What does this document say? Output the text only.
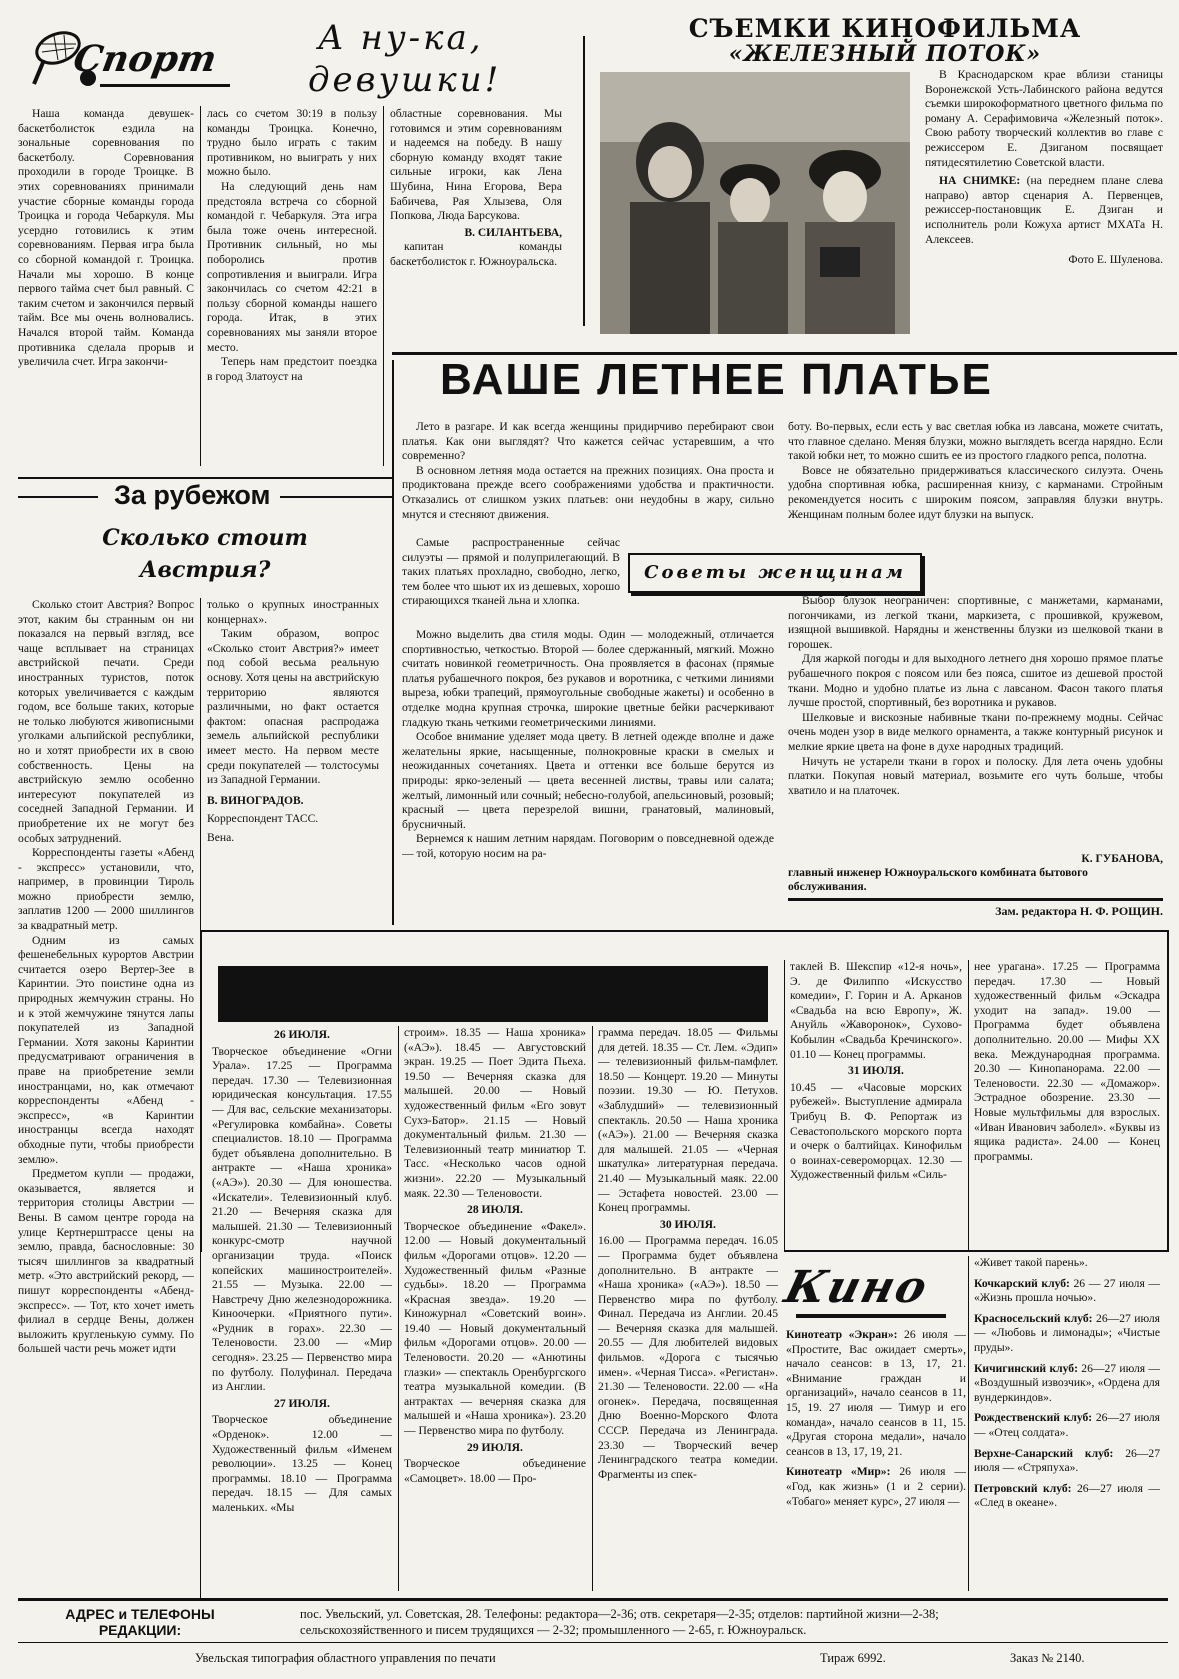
Спорт	А ну-ка,
девушки!

Наша команда девушек-баскетболисток ездила на зональные соревнования по баскетболу. Соревнования проходили в городе Троицке. В этих соревнованиях принимали участие сборные команды города Троицка и города Чебаркуля. Мы усердно готовились к этим соревнованиям. Первая игра была со сборной командой г. Троицка. Начали мы хорошо. В конце первого тайма счет был равный. С таким счетом и закончился первый тайм. Все мы очень волновались. Начался второй тайм. Команда противника сделала прорыв и увеличила счет. Игра закончи-

лась со счетом 30:19 в пользу команды Троицка. Конечно, трудно было играть с таким противником, но выиграть у них можно было.

На следующий день нам предстояла встреча со сборной командой г. Чебаркуля. Эта игра была тоже очень интересной. Противник сильный, но мы поборолись против сопротивления и выиграли. Игра закончилась со счетом 42:21 в пользу сборной команды нашего города. Итак, в этих соревнованиях мы заняли второе место.

Теперь нам предстоит поездка в город Златоуст на

областные соревнования. Мы готовимся и этим соревнованиям и надеемся на победу. В нашу сборную команду входят такие сильные игроки, как Лена Шубина, Нина Егорова, Вера Бабичева, Рая Хлызева, Оля Попкова, Люда Барсукова.

В. СИЛАНТЬЕВА,

капитан команды баскетболисток г. Южноуральска.

СЪЕМКИ КИНОФИЛЬМА
«ЖЕЛЕЗНЫЙ ПОТОК»

В Краснодарском крае вблизи станицы Воронежской Усть-Лабинского района ведутся съемки широкоформатного цветного фильма по роману А. Серафимовича «Железный поток». Свою работу творческий коллектив во главе с режиссером Е. Дзиганом посвящает пятидесятилетию Советской власти.

НА СНИМКЕ: (на переднем плане слева направо) автор сценария А. Первенцев, режиссер-постановщик Е. Дзиган и исполнитель роли Кожуха артист МХАТа Н. Алексеев.

Фото Е. Шуленова.
ВАШЕ ЛЕТНЕЕ ПЛАТЬЕ
За рубежом
Сколько стоит
Австрия?

Сколько стоит Австрия? Вопрос этот, каким бы странным он ни показался на первый взгляд, все чаще всплывает на страницах австрийской печати. Среди иностранных туристов, поток которых увеличивается с каждым годом, все больше таких, которые не только любуются живописными уголками альпийской республики, но и хотят приобрести их в свою собственность. Цены на австрийскую землю особенно интересуют покупателей из соседней Западной Германии. И приобретение их не могут без особых затруднений.

Корреспонденты газеты «Абенд - экспресс» установили, что, например, в провинции Тироль можно приобрести землю, заплатив 1200 — 2000 шиллингов за квадратный метр.

Одним из самых фешенебельных курортов Австрии считается озеро Вертер-Зее в Каринтии. Это поистине одна из природных жемчужин страны. Но и к этой жемчужине тянутся лапы покупателей из Западной Германии. Хотя законы Каринтии предусматривают ограничения в праве на приобретение земли иностранцами, но, как отмечают корреспонденты «Абенд - экспресс», «в Каринтии иностранцы всегда находят обходные пути, чтобы приобрести землю».

Предметом купли — продажи, оказывается, является и территория столицы Австрии — Вены. В самом центре города на улице Кертнерштрассе цены на землю, правда, баснословные: 30 тысяч шиллингов за квадратный метр. «Это австрийский рекорд, — пишут корреспонденты «Абенд-экспресс». — Тот, кто хочет иметь филиал в сердце Вены, должен выложить кругленькую сумму. По большей части речь может идти

только о крупных иностранных концернах».

Таким образом, вопрос «Сколько стоит Австрия?» имеет под собой весьма реальную основу. Хотя цены на австрийскую территорию являются различными, но факт остается фактом: опасная распродажа земель альпийской республики имеет место. На первом месте среди покупателей — толстосумы из Западной Германии.

В. ВИНОГРАДОВ.
Корреспондент ТАСС.
Вена.

Лето в разгаре. И как всегда женщины придирчиво перебирают свои платья. Как они выглядят? Что кажется сейчас устаревшим, а что современно?

В основном летняя мода остается на прежних позициях. Она проста и продиктована прежде всего соображениями удобства и практичности. Отказались от слишком узких платьев: они неудобны в жару, сильно мнутся и стесняют движения.

Самые распространенные сейчас силуэты — прямой и полуприлегающий. В таких платьях прохладно, свободно, легко, тем более что шьют их из дешевых, хорошо стирающихся тканей льна и хлопка.

Советы женщинам

Можно выделить два стиля моды. Один — молодежный, отличается спортивностью, четкостью. Второй — более сдержанный, мягкий. Можно считать новинкой геометричность. Она проявляется в фасонах (прямые платья рубашечного покроя, без рукавов и воротника, с четкими линиями выреза, юбки трапеций, прямоугольные свободные жакеты) и особенно в отделке модна крупная строчка, широкие цветные бейки расчеркивают гладкую ткань четкими геометрическими линиями.

Особое внимание уделяет мода цвету. В летней одежде вполне и даже желательны яркие, насыщенные, полнокровные краски в смелых и неожиданных сочетаниях. Цвета и оттенки все больше берутся из природы: ярко-зеленый — цвета весенней листвы, травы или салата; желтый, лимонный или сочный; небесно-голубой, апельсиновый, розовый; красный — цвета перезрелой вишни, гранатовый, малиновый, брусничный.

Вернемся к нашим летним нарядам. Поговорим о повседневной одежде — той, которую носим на ра-

боту. Во-первых, если есть у вас светлая юбка из лавсана, можете считать, что главное сделано. Меняя блузки, можно выглядеть всегда нарядно. Если такой юбки нет, то можно сшить ее из простого гладкого репса, полотна.

Вовсе не обязательно придерживаться классического силуэта. Очень удобна спортивная юбка, расширенная книзу, с карманами. Стройным рекомендуется носить с широким поясом, заправляя блузки внутрь. Женщинам полным более идут блузки на выпуск.

Выбор блузок неограничен: спортивные, с манжетами, карманами, погончиками, из легкой ткани, маркизета, с прошивкой, кружевом, изящной вышивкой. Нарядны и женственны блузки из шелковой ткани в горошек.

Для жаркой погоды и для выходного летнего дня хорошо прямое платье рубашечного покроя с поясом или без пояса, сшитое из дешевой простой ткани. Модно и удобно платье из льна с лавсаном. Фасон такого платья лучше простой, спортивный, без воротника и рукавов.

Шелковые и вискозные набивные ткани по-прежнему модны. Сейчас очень моден узор в виде мелкого орнамента, а также контурный рисунок и мелкие яркие цвета на фоне в духе народных традиций.

Ничуть не устарели ткани в горох и полоску. Для лета очень удобны платки. Покупая новый материал, возьмите его чуть больше, чтобы хватило и на платочек.

К. ГУБАНОВА,
главный инженер Южноуральского комбината бытового обслуживания.
Зам. редактора Н. Ф. РОЩИН.
26 ИЮЛЯ.

Творческое объединение «Огни Урала». 17.25 — Программа передач. 17.30 — Телевизионная юридическая консультация. 17.55 — Для вас, сельские механизаторы. «Регулировка комбайна». Советы специалистов. 18.10 — Программа будет объявлена дополнительно. В антракте — «Наша хроника» («АЭ»). 20.30 — Для юношества. «Искатели». Телевизионный клуб. 21.20 — Вечерняя сказка для малышей. 21.30 — Телевизионный конкурс-смотр научной организации труда. «Поиск копейских машиностроителей». 21.55 — Музыка. 22.00 — Навстречу Дню железнодорожника. Киноочерки. «Приятного пути». «Рудник в горах». 22.30 — Теленовости. 23.00 — «Мир сегодня». 23.25 — Первенство мира по футболу. Полуфинал. Передача из Англии.

27 ИЮЛЯ.

Творческое объединение «Орденок». 12.00 — Художественный фильм «Именем революции». 13.25 — Конец программы. 18.10 — Программа передач. 18.15 — Для самых маленьких. «Мы

строим». 18.35 — Наша хроника» («АЭ»). 18.45 — Августовский экран. 19.25 — Поет Эдита Пьеха. 19.50 — Вечерняя сказка для малышей. 20.00 — Новый художественный фильм «Его зовут Сухэ-Батор». 21.15 — Новый документальный фильм. 21.30 — Телевизионный театр миниатюр Т. Тасс. «Несколько часов одной жизни». 22.20 — Музыкальный маяк. 22.30 — Теленовости.

28 ИЮЛЯ.

Творческое объединение «Факел». 12.00 — Новый документальный фильм «Дорогами отцов». 12.20 — Художественный фильм «Разные судьбы». 18.20 — Программа «Красная звезда». 19.20 — Киножурнал «Советский воин». 19.40 — Новый документальный фильм «Дорогами отцов». 20.00 — Теленовости. 20.20 — «Анютины глазки» — спектакль Оренбургского театра музыкальной комедии. (В антрактах — вечерняя сказка для малышей и «Наша хроника»). 23.20 — Первенство мира по футболу.

29 ИЮЛЯ.

Творческое объединение «Самоцвет». 18.00 — Про-

грамма передач. 18.05 — Фильмы для детей. 18.35 — Ст. Лем. «Эдип» — телевизионный фильм-памфлет. 18.50 — Концерт. 19.20 — Минуты поэзии. 19.30 — Ю. Петухов. «Заблудший» — телевизионный спектакль. 20.50 — Наша хроника («АЭ»). 21.00 — Вечерняя сказка для малышей. 21.05 — «Черная шкатулка» литературная передача. 21.40 — Музыкальный маяк. 22.00 — Эстафета новостей. 23.00 — Конец программы.

30 ИЮЛЯ.

16.00 — Программа передач. 16.05 — Программа будет объявлена дополнительно. В антракте — «Наша хроника» («АЭ»). 18.50 — Первенство мира по футболу. Финал. Передача из Англии. 20.45 — Вечерняя сказка для малышей. 20.55 — Для любителей видовых фильмов. «Дорога с тысячью имен». «Черная Тисса». «Регистан». 21.30 — Теленовости. 22.00 — «На огонек». Передача, посвященная Дню Военно-Морского Флота СССР. Передача из Ленинграда. 23.30 — Творческий вечер Ленинградского театра комедии. Фрагменты из спек-

таклей В. Шекспир «12-я ночь», Э. де Филиппо «Искусство комедии», Г. Горин и А. Арканов «Свадьба на всю Европу», Ж. Ануйль «Жаворонок», Сухово-Кобылин «Свадьба Кречинского». 01.10 — Конец программы.

31 ИЮЛЯ.

10.45 — «Часовые морских рубежей». Выступление адмирала Трибуц В. Ф. Репортаж из Севастопольского морского порта и очерк о балтийцах. Кинофильм о воинах-североморцах. 12.30 — Художественный фильм «Силь-

нее урагана». 17.25 — Программа передач. 17.30 — Новый художественный фильм «Эскадра уходит на запад». 19.00 — Программа будет объявлена дополнительно. 20.00 — Мифы XX века. Международная программа. 20.30 — Кинопанорама. 22.00 — Теленовости. 22.30 — «Домажор». Эстрадное обозрение. 23.30 — Новые мультфильмы для взрослых. «Иван Иванович заболел». «Буквы из ящика радиста». 24.00 — Конец программы.

Кино

Кинотеатр «Экран»: 26 июля — «Простите, Вас ожидает смерть», начало сеансов: в 13, 17, 21. «Внимание граждан и организаций», начало сеансов в 11, 15, 19. 27 июля — Тимур и его команда», начало сеансов в 11, 15. «Другая сторона медали», начало сеансов в 13, 17, 19, 21.

Кинотеатр «Мир»: 26 июля — «Год, как жизнь» (1 и 2 серии). «Тобаго» меняет курс», 27 июля —

«Живет такой парень».

Кочкарский клуб: 26 — 27 июля — «Жизнь прошла ночью».

Красносельский клуб: 26—27 июля — «Любовь и лимонады»; «Чистые пруды».

Кичигинский клуб: 26—27 июля — «Воздушный извозчик», «Ордена для вундеркиндов».

Рождественский клуб: 26—27 июля — «Отец солдата».

Верхне-Санарский клуб: 26—27 июля — «Стряпуха».

Петровский клуб: 26—27 июля — «След в океане».

АДРЕС и ТЕЛЕФОНЫ
РЕДАКЦИИ:
пос. Увельский, ул. Советская, 28. Телефоны: редактора—2-36; отв. секретаря—2-35; отделов: партийной жизни—2-38;
сельскохозяйственного и писем трудящихся — 2-32; промышленного — 2-65, г. Южноуральск.
Увельская типография областного управления по печати	Тираж 6992.	Заказ № 2140.
